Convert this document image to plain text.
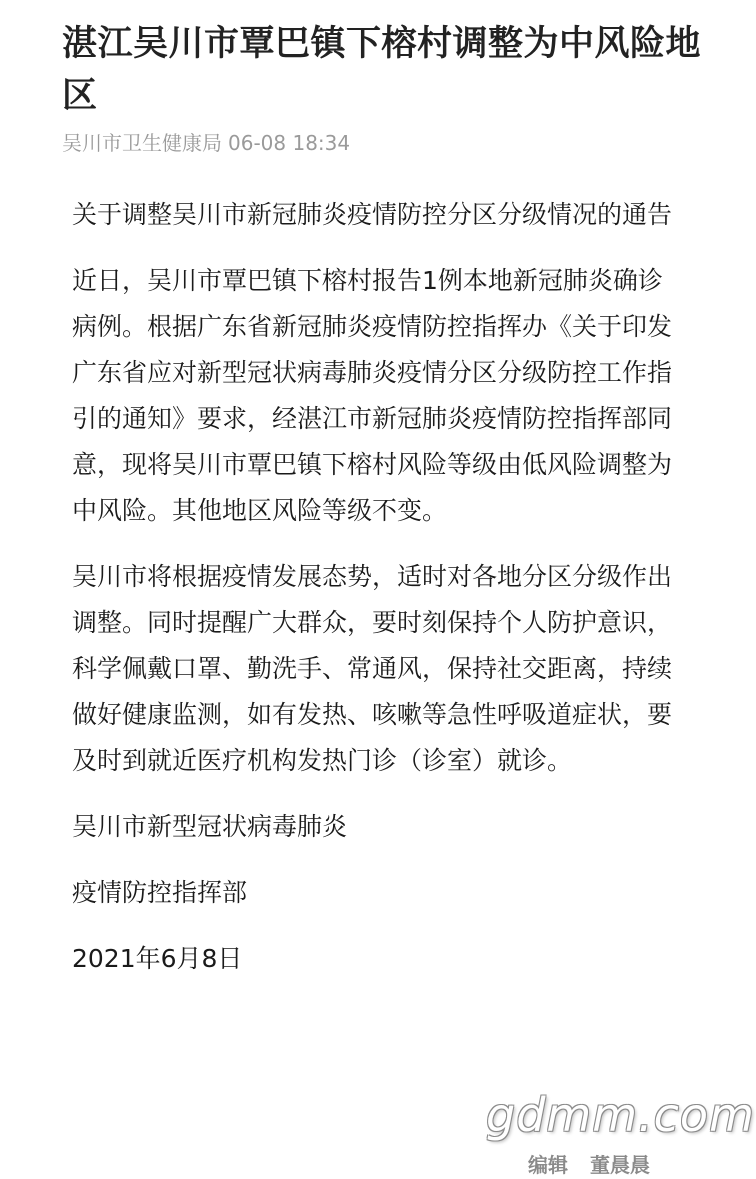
湛江吴川市覃巴镇下榕村调整为中风险地区
吴川市卫生健康局 06-08 18:34

关于调整吴川市新冠肺炎疫情防控分区分级情况的通告

近日，吴川市覃巴镇下榕村报告1例本地新冠肺炎确诊病例。根据广东省新冠肺炎疫情防控指挥办《关于印发广东省应对新型冠状病毒肺炎疫情分区分级防控工作指引的通知》要求，经湛江市新冠肺炎疫情防控指挥部同意，现将吴川市覃巴镇下榕村风险等级由低风险调整为中风险。其他地区风险等级不变。

吴川市将根据疫情发展态势，适时对各地分区分级作出调整。同时提醒广大群众，要时刻保持个人防护意识，科学佩戴口罩、勤洗手、常通风，保持社交距离，持续做好健康监测，如有发热、咳嗽等急性呼吸道症状，要及时到就近医疗机构发热门诊（诊室）就诊。

吴川市新型冠状病毒肺炎

疫情防控指挥部

2021年6月8日

gdmm.com
编辑 董晨晨
